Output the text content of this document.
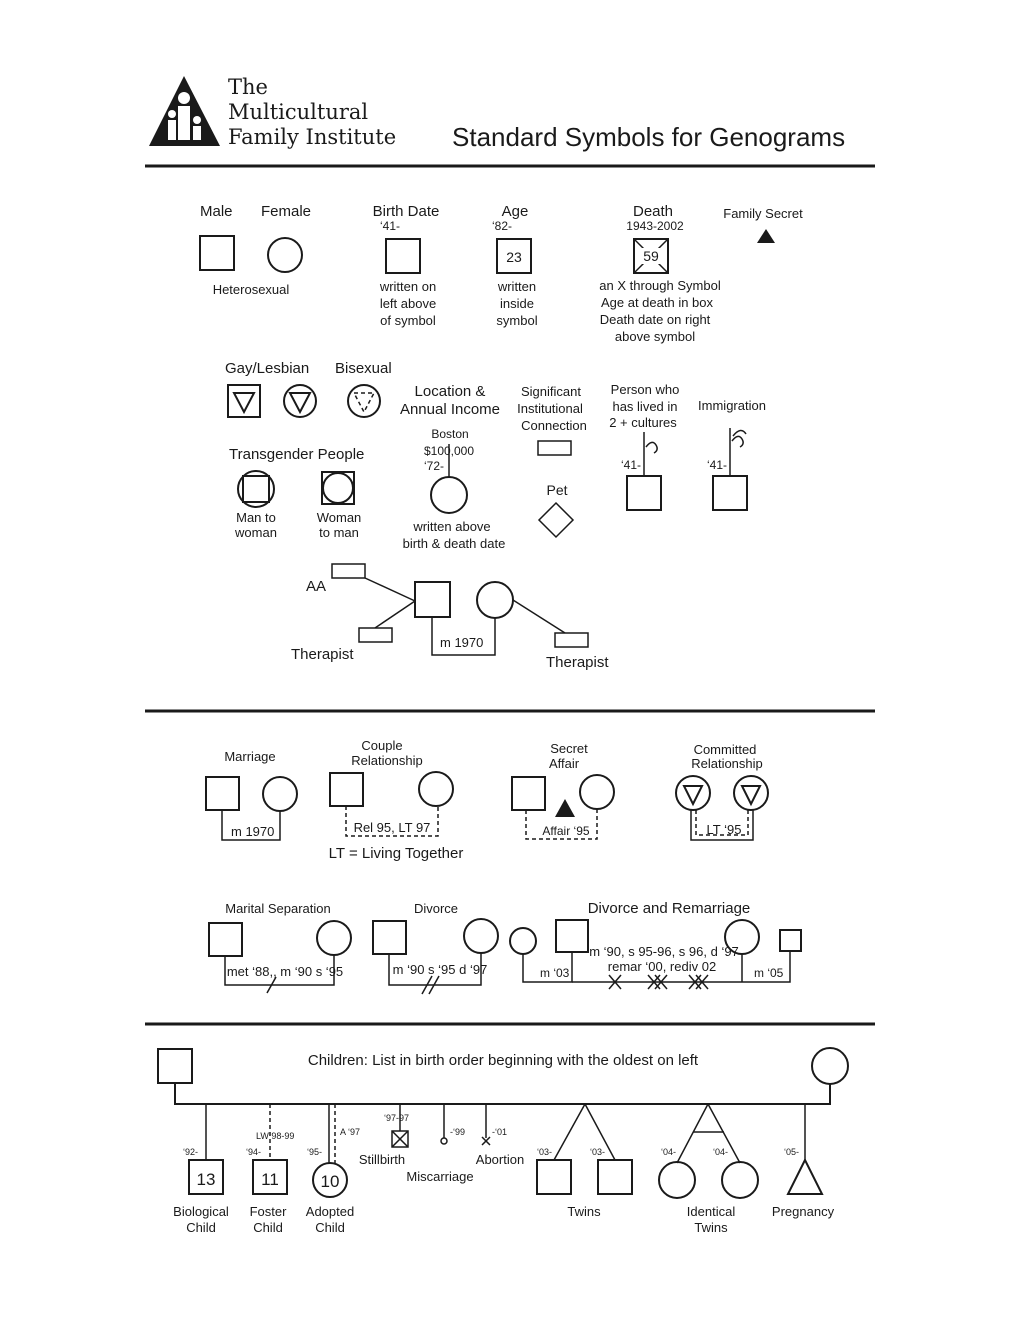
The
Multicultural
Family Institute Standard Symbols for Genograms
Male Female
Heterosexual
Birth Date
‘41-
written on
left above
of symbol
Age
‘82-
23
written
inside
symbol
Death
1943-2002
59
an X through Symbol
Age at death in box
Death date on right
above symbol
Family Secret
Gay/Lesbian Bisexual
Transgender People
Man to
woman
Woman
to man
Location &
Annual Income
Boston
$100,000
‘72-
written above
birth & death date
Significant
Institutional
Connection
Pet
Person who
has lived in
2 + cultures
‘41-
Immigration
‘41-
AA
Therapist	Therapist
m 1970
Marriage
m 1970
Couple
Relationship
Rel 95, LT 97
LT = Living Together
Secret
Affair
Affair ‘95
Committed
Relationship
LT ‘95
Marital Separation
met ‘88,, m ‘90 s ‘95
Divorce
m ‘90 s ‘95 d ‘97
Divorce and Remarriage
m ‘90, s 95-96, s 96, d ‘97
remar ‘00, rediv 02
m ‘03	m ‘05
Children: List in birth order beginning with the oldest on left
‘92-
13
Biological
Child
LW 98-99
‘94-
11
Foster
Child
A ‘97
‘95-
10
Adopted
Child
‘97-97
Stillbirth
-‘99
Miscarriage
-‘01
Abortion ‘03-	‘03-
Twins
‘04-	‘04-
Identical
Twins
‘05-
Pregnancy
